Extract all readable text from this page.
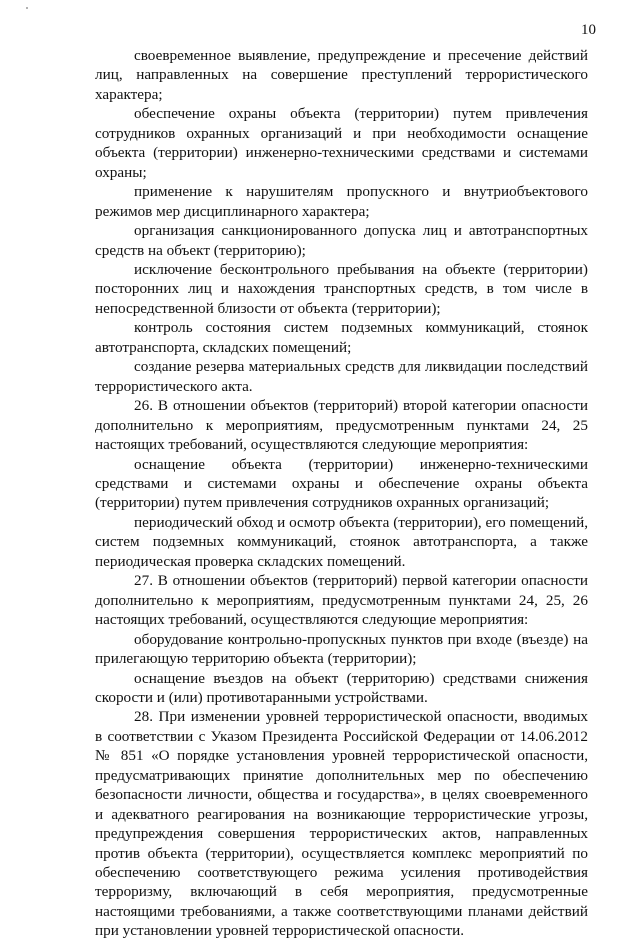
10

своевременное выявление, предупреждение и пресечение действий лиц, направленных на совершение преступлений террористического характера;

обеспечение охраны объекта (территории) путем привлечения сотрудников охранных организаций и при необходимости оснащение объекта (территории) инженерно-техническими средствами и системами охраны;

применение к нарушителям пропускного и внутриобъектового режимов мер дисциплинарного характера;

организация санкционированного допуска лиц и автотранспортных средств на объект (территорию);

исключение бесконтрольного пребывания на объекте (территории) посторонних лиц и нахождения транспортных средств, в том числе в непосредственной близости от объекта (территории);

контроль состояния систем подземных коммуникаций, стоянок автотранспорта, складских помещений;

создание резерва материальных средств для ликвидации последствий террористического акта.

26. В отношении объектов (территорий) второй категории опасности дополнительно к мероприятиям, предусмотренным пунктами 24, 25 настоящих требований, осуществляются следующие мероприятия:

оснащение объекта (территории) инженерно-техническими средствами и системами охраны и обеспечение охраны объекта (территории) путем привлечения сотрудников охранных организаций;

периодический обход и осмотр объекта (территории), его помещений, систем подземных коммуникаций, стоянок автотранспорта, а также периодическая проверка складских помещений.

27. В отношении объектов (территорий) первой категории опасности дополнительно к мероприятиям, предусмотренным пунктами 24, 25, 26 настоящих требований, осуществляются следующие мероприятия:

оборудование контрольно-пропускных пунктов при входе (въезде) на прилегающую территорию объекта (территории);

оснащение въездов на объект (территорию) средствами снижения скорости и (или) противотаранными устройствами.

28. При изменении уровней террористической опасности, вводимых в соответствии с Указом Президента Российской Федерации от 14.06.2012 № 851 «О порядке установления уровней террористической опасности, предусматривающих принятие дополнительных мер по обеспечению безопасности личности, общества и государства», в целях своевременного и адекватного реагирования на возникающие террористические угрозы, предупреждения совершения террористических актов, направленных против объекта (территории), осуществляется комплекс мероприятий по обеспечению соответствующего режима усиления противодействия терроризму, включающий в себя мероприятия, предусмотренные настоящими требованиями, а также соответствующими планами действий при установлении уровней террористической опасности.
